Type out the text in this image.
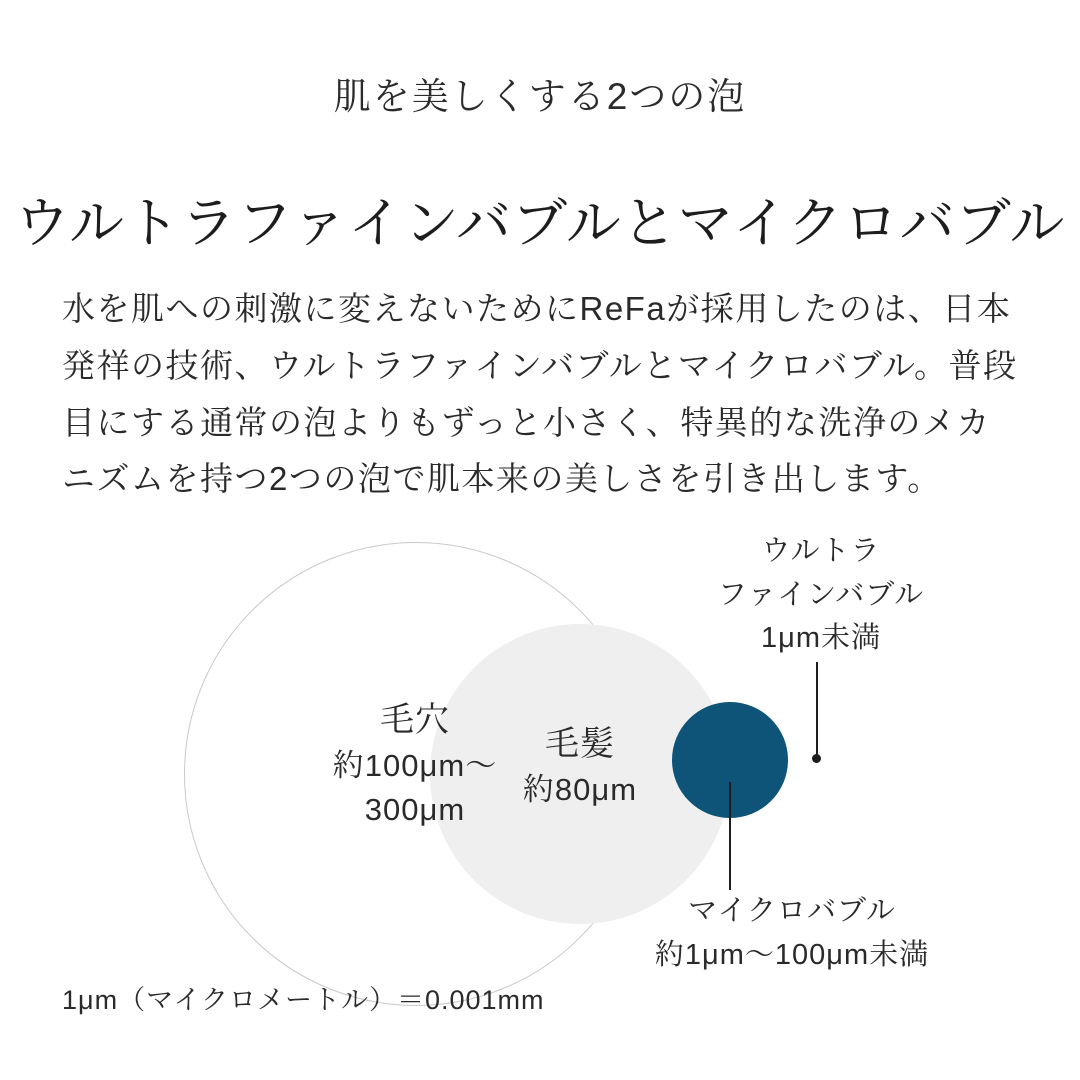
肌を美しくする2つの泡
ウルトラファインバブルとマイクロバブル

水を肌への刺激に変えないためにReFaが採用したのは、日本発祥の技術、ウルトラファインバブルとマイクロバブル。普段目にする通常の泡よりもずっと小さく、特異的な洗浄のメカニズムを持つ2つの泡で肌本来の美しさを引き出します。

毛穴
約100μm〜
300μm
毛髪
約80μm
ウルトラ
ファインバブル
1μm未満
マイクロバブル
約1μm〜100μm未満
1μm（マイクロメートル）＝0.001mm
